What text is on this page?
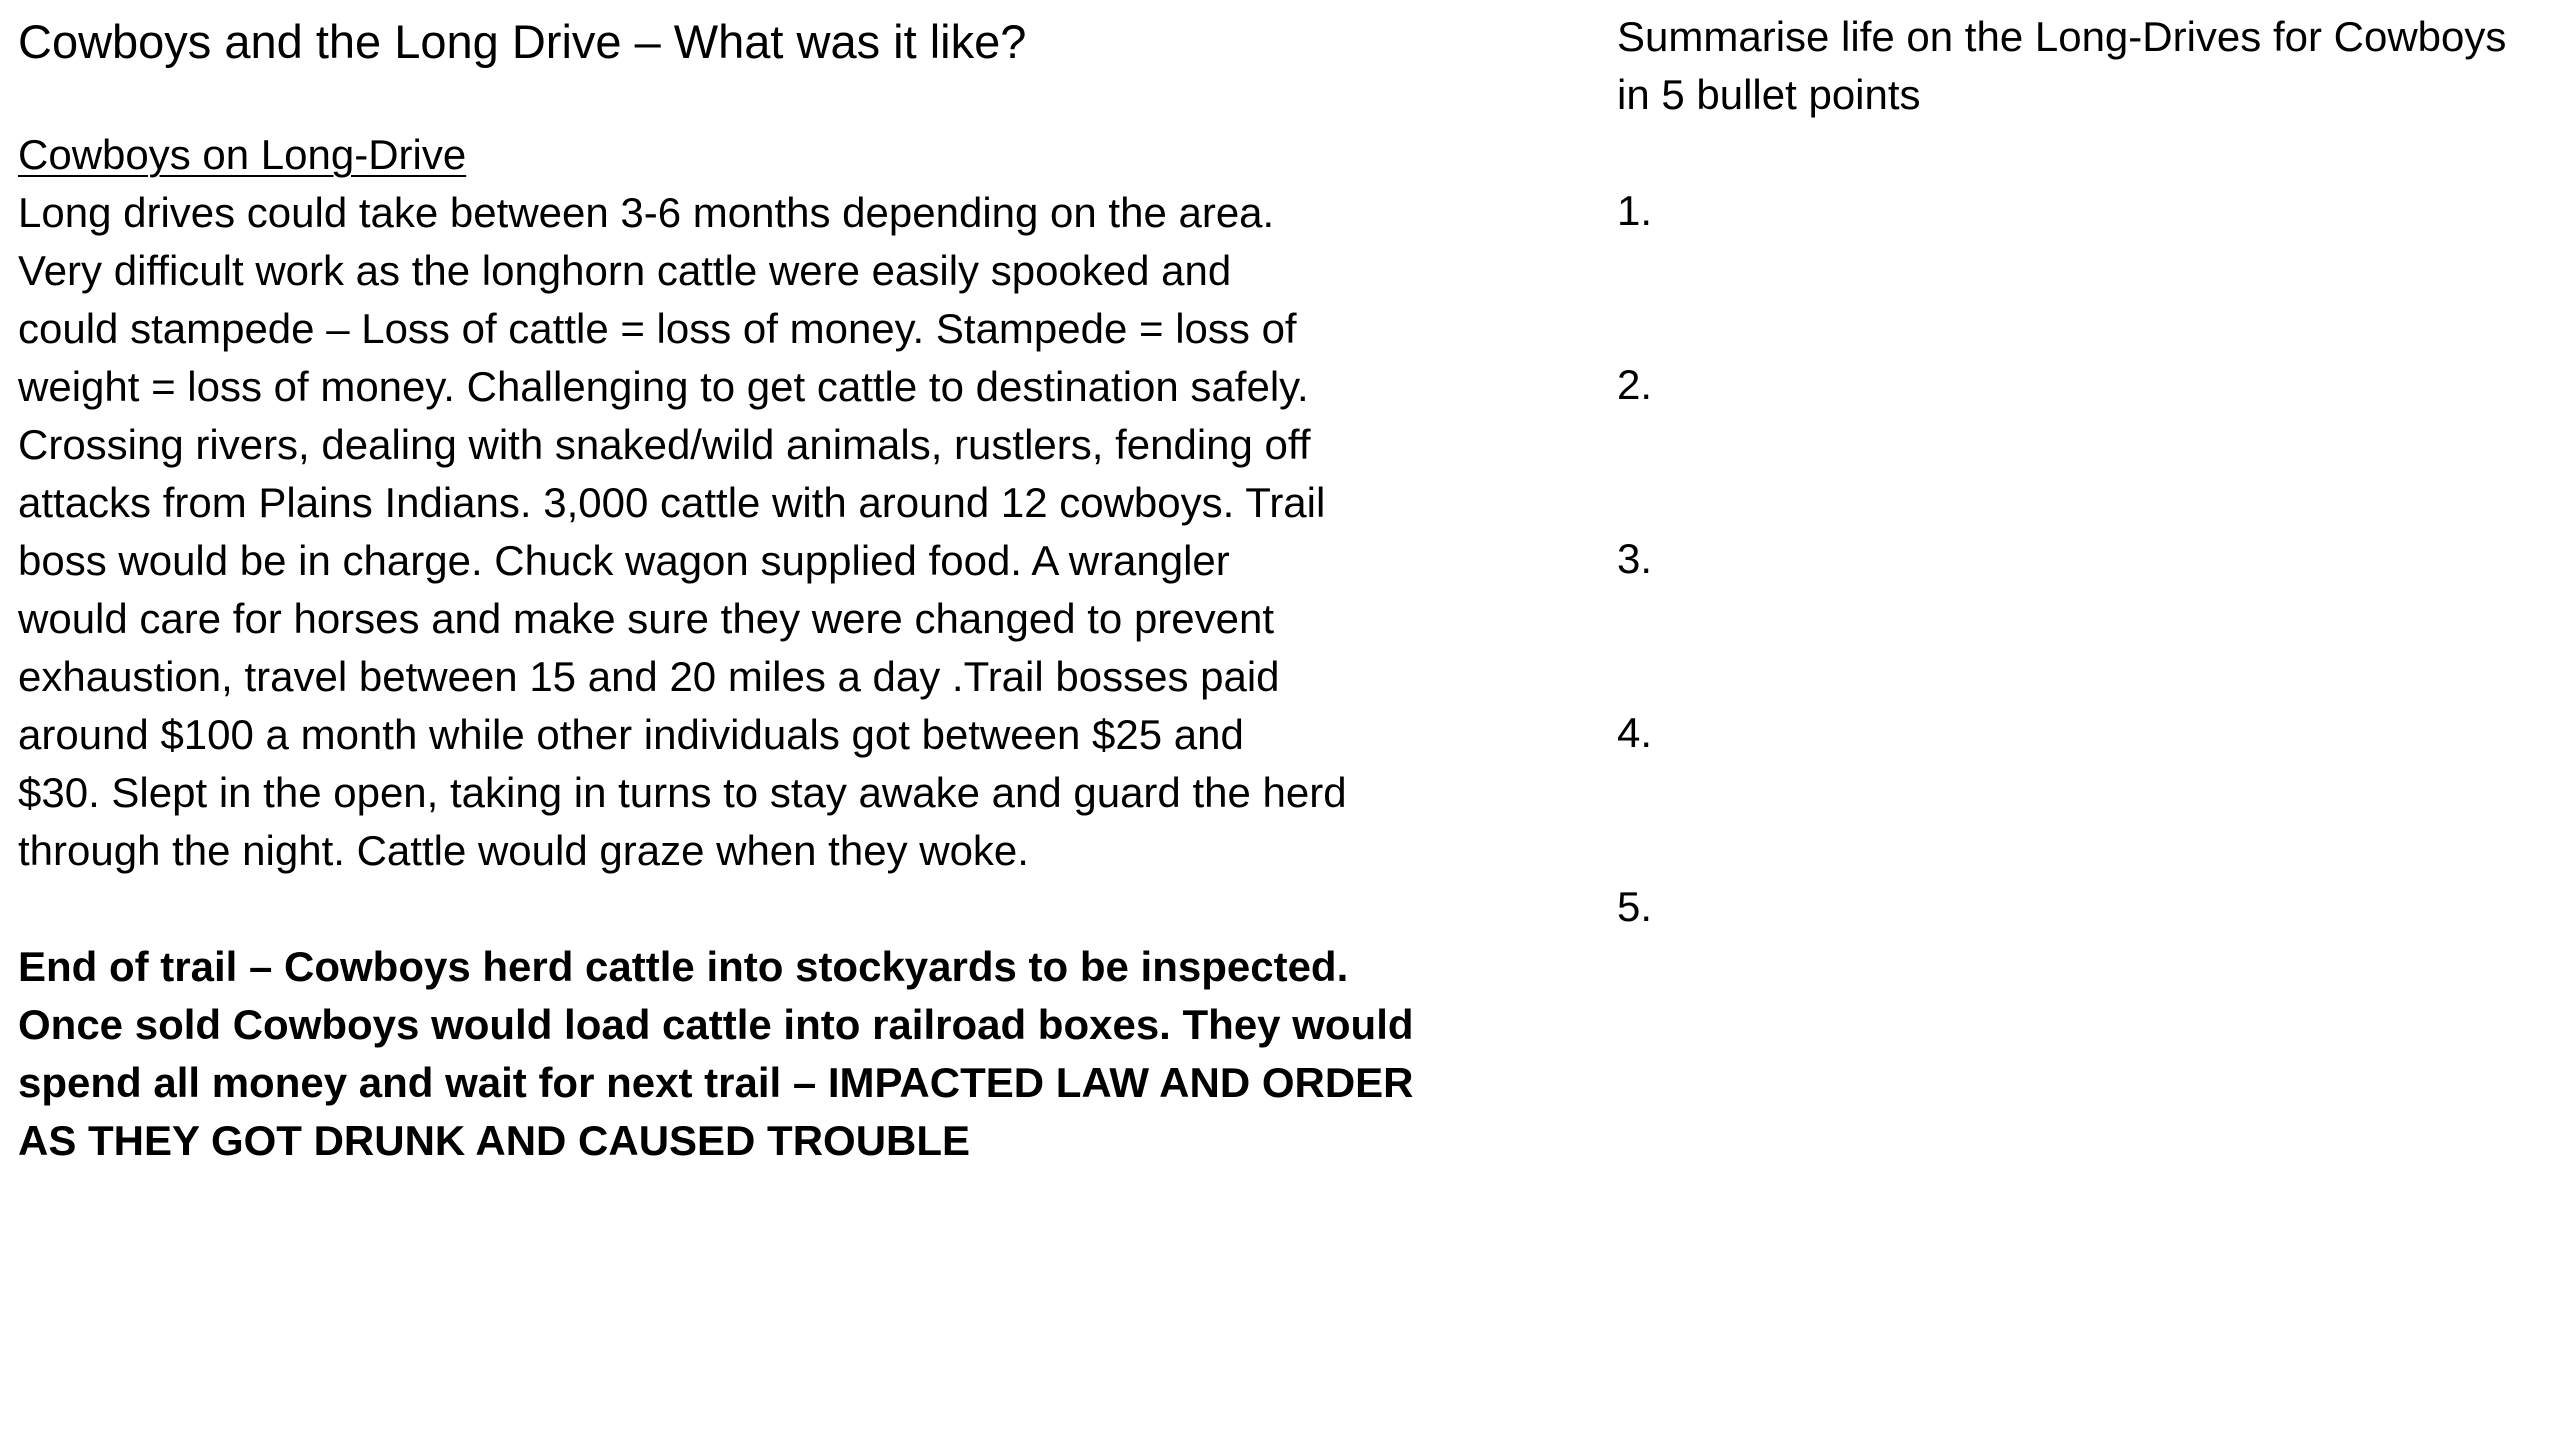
Cowboys and the Long Drive – What was it like?
Cowboys on Long-Drive
Long drives could take between 3-6 months depending on the area.
Very difficult work as the longhorn cattle were easily spooked and
could stampede – Loss of cattle = loss of money. Stampede = loss of
weight = loss of money. Challenging to get cattle to destination safely.
Crossing rivers, dealing with snaked/wild animals, rustlers, fending off
attacks from Plains Indians. 3,000 cattle with around 12 cowboys. Trail
boss would be in charge. Chuck wagon supplied food. A wrangler
would care for horses and make sure they were changed to prevent
exhaustion, travel between 15 and 20 miles a day .Trail bosses paid
around $100 a month while other individuals got between $25 and
$30. Slept in the open, taking in turns to stay awake and guard the herd
through the night. Cattle would graze when they woke.
End of trail – Cowboys herd cattle into stockyards to be inspected.
Once sold Cowboys would load cattle into railroad boxes. They would
spend all money and wait for next trail – IMPACTED LAW AND ORDER
AS THEY GOT DRUNK AND CAUSED TROUBLE
Summarise life on the Long-Drives for Cowboys
in 5 bullet points
1.
2.
3.
4.
5.
